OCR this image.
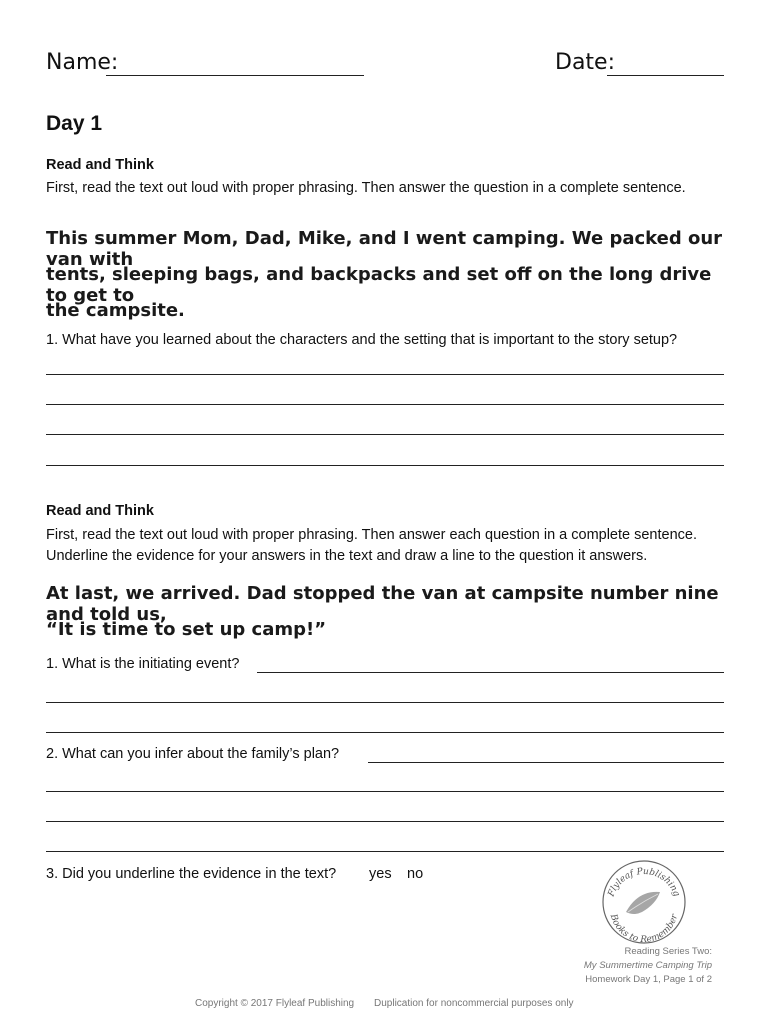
Name:	Date:
Day 1
Read and Think
First, read the text out loud with proper phrasing. Then answer the question in a complete sentence.
This summer Mom, Dad, Mike, and I went camping. We packed our van with
tents, sleeping bags, and backpacks and set off on the long drive to get to
the campsite.
1. What have you learned about the characters and the setting that is important to the story setup?
Read and Think
First, read the text out loud with proper phrasing. Then answer each question in a complete sentence.
Underline the evidence for your answers in the text and draw a line to the question it answers.
At last, we arrived. Dad stopped the van at campsite number nine and told us,
“It is time to set up camp!”
1. What is the initiating event?
2. What can you infer about the family’s plan?
3. Did you underline the evidence in the text? yes no
Flyleaf Publishing
Books to Remember
Reading Series Two:
My Summertime Camping Trip
Homework Day 1, Page 1 of 2
Copyright © 2017 Flyleaf Publishing Duplication for noncommercial purposes only
